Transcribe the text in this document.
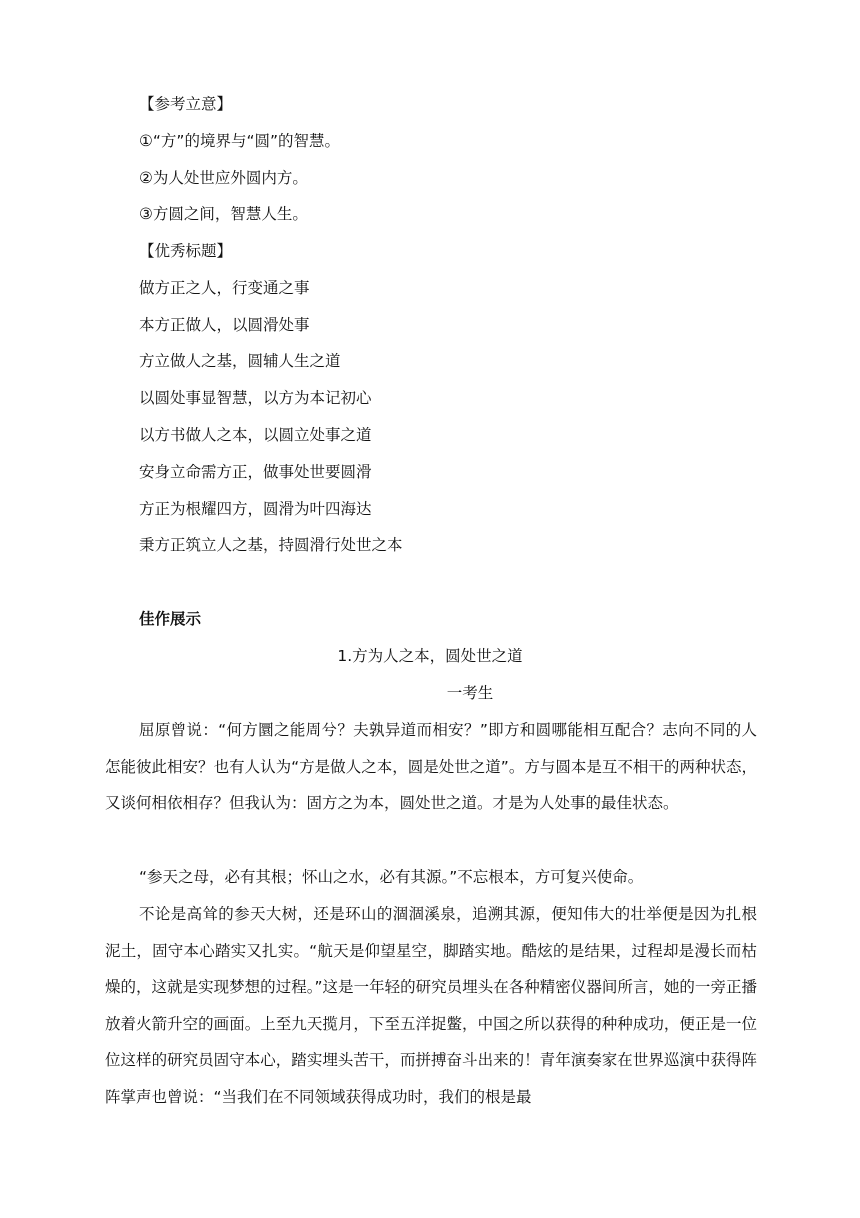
【参考立意】
①“方”的境界与“圆”的智慧。
②为人处世应外圆内方。
③方圆之间，智慧人生。
【优秀标题】
做方正之人，行变通之事
本方正做人，以圆滑处事
方立做人之基，圆辅人生之道
以圆处事显智慧，以方为本记初心
以方书做人之本，以圆立处事之道
安身立命需方正，做事处世要圆滑
方正为根耀四方，圆滑为叶四海达
秉方正筑立人之基，持圆滑行处世之本
佳作展示
1.方为人之本，圆处世之道
一考生
屈原曾说：“何方圜之能周兮？夫孰异道而相安？”即方和圆哪能相互配合？志向不同的人怎能彼此相安？也有人认为“方是做人之本，圆是处世之道”。方与圆本是互不相干的两种状态，又谈何相依相存？但我认为：固方之为本，圆处世之道。才是为人处事的最佳状态。
“参天之母，必有其根；怀山之水，必有其源。”不忘根本，方可复兴使命。
不论是高耸的参天大树，还是环山的涸涸溪泉，追溯其源，便知伟大的壮举便是因为扎根泥土，固守本心踏实又扎实。“航天是仰望星空，脚踏实地。酷炫的是结果，过程却是漫长而枯燥的，这就是实现梦想的过程。”这是一年轻的研究员埋头在各种精密仪器间所言，她的一旁正播放着火箭升空的画面。上至九天揽月，下至五洋捉鳖，中国之所以获得的种种成功，便正是一位位这样的研究员固守本心，踏实埋头苦干，而拼搏奋斗出来的！青年演奏家在世界巡演中获得阵阵掌声也曾说：“当我们在不同领域获得成功时，我们的根是最
